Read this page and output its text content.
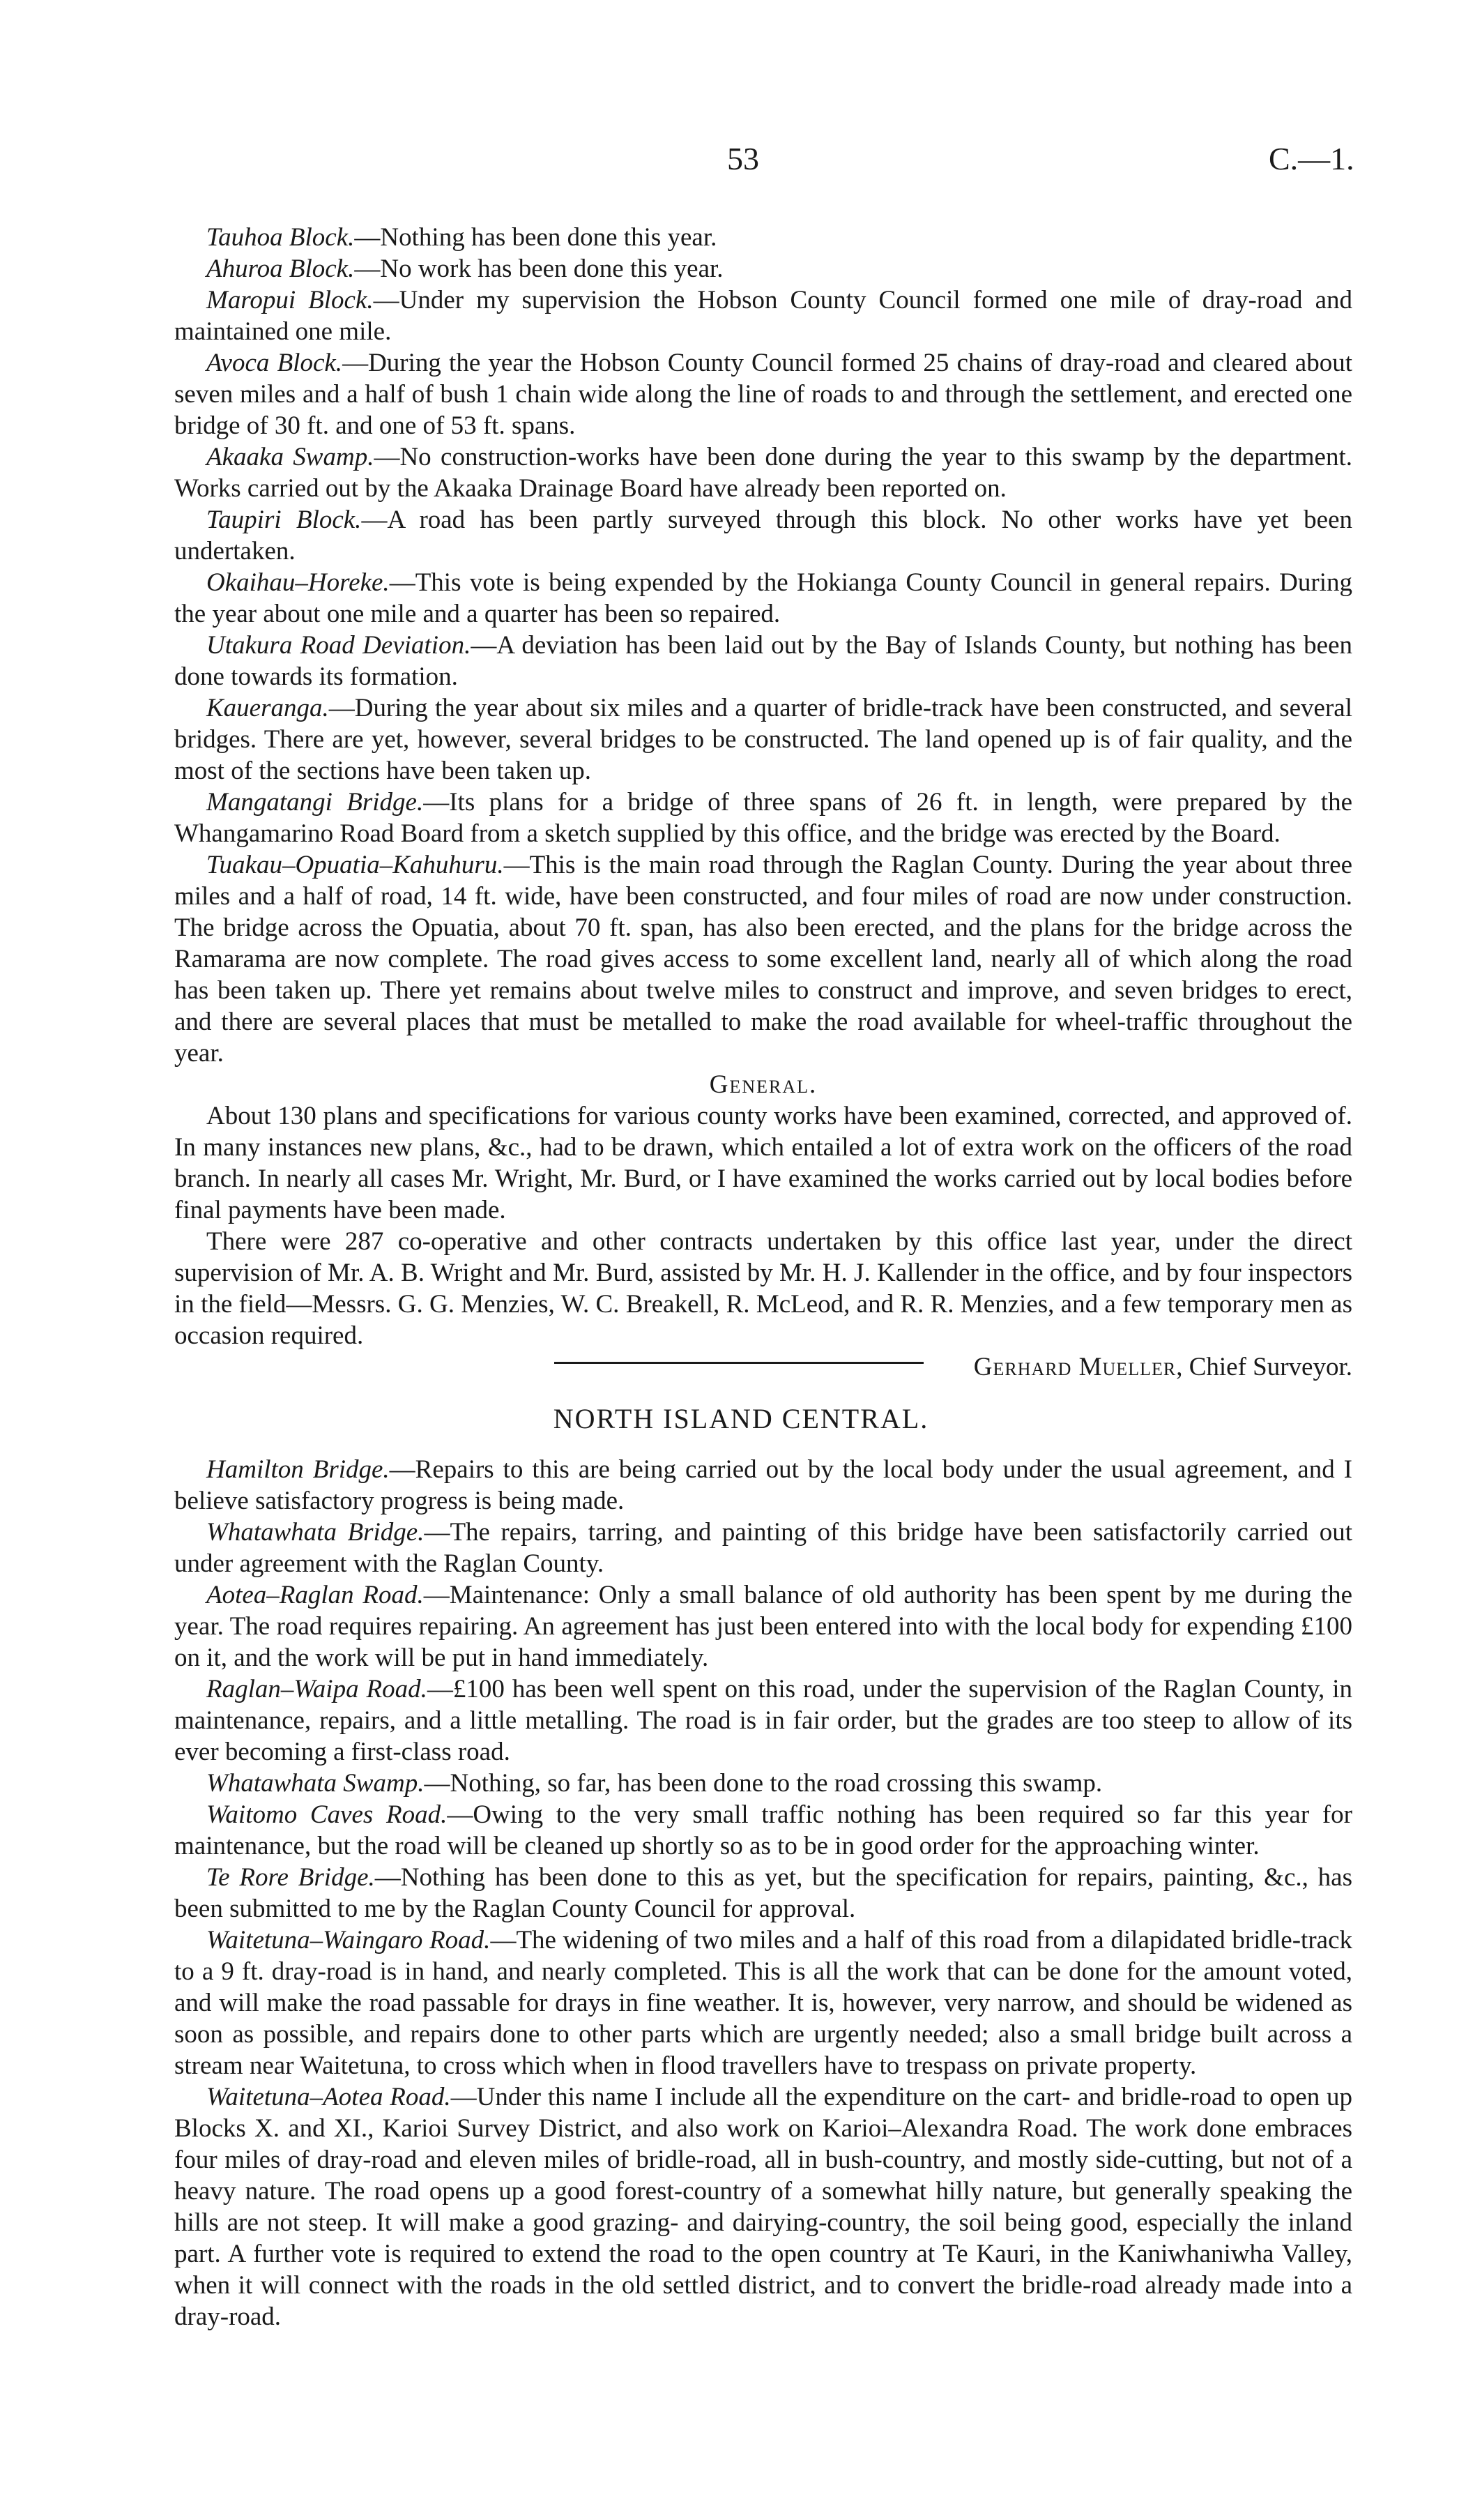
53	C.—1.

Tauhoa Block.—Nothing has been done this year.

Ahuroa Block.—No work has been done this year.

Maropui Block.—Under my supervision the Hobson County Council formed one mile of dray-road and maintained one mile.

Avoca Block.—During the year the Hobson County Council formed 25 chains of dray-road and cleared about seven miles and a half of bush 1 chain wide along the line of roads to and through the settlement, and erected one bridge of 30 ft. and one of 53 ft. spans.

Akaaka Swamp.—No construction-works have been done during the year to this swamp by the department. Works carried out by the Akaaka Drainage Board have already been reported on.

Taupiri Block.—A road has been partly surveyed through this block. No other works have yet been undertaken.

Okaihau–Horeke.—This vote is being expended by the Hokianga County Council in general repairs. During the year about one mile and a quarter has been so repaired.

Utakura Road Deviation.—A deviation has been laid out by the Bay of Islands County, but nothing has been done towards its formation.

Kaueranga.—During the year about six miles and a quarter of bridle-track have been constructed, and several bridges. There are yet, however, several bridges to be constructed. The land opened up is of fair quality, and the most of the sections have been taken up.

Mangatangi Bridge.—Its plans for a bridge of three spans of 26 ft. in length, were prepared by the Whangamarino Road Board from a sketch supplied by this office, and the bridge was erected by the Board.

Tuakau–Opuatia–Kahuhuru.—This is the main road through the Raglan County. During the year about three miles and a half of road, 14 ft. wide, have been constructed, and four miles of road are now under construction. The bridge across the Opuatia, about 70 ft. span, has also been erected, and the plans for the bridge across the Ramarama are now complete. The road gives access to some excellent land, nearly all of which along the road has been taken up. There yet remains about twelve miles to construct and improve, and seven bridges to erect, and there are several places that must be metalled to make the road available for wheel-traffic throughout the year.

General.

About 130 plans and specifications for various county works have been examined, corrected, and approved of. In many instances new plans, &c., had to be drawn, which entailed a lot of extra work on the officers of the road branch. In nearly all cases Mr. Wright, Mr. Burd, or I have examined the works carried out by local bodies before final payments have been made.

There were 287 co-operative and other contracts undertaken by this office last year, under the direct supervision of Mr. A. B. Wright and Mr. Burd, assisted by Mr. H. J. Kallender in the office, and by four inspectors in the field—Messrs. G. G. Menzies, W. C. Breakell, R. McLeod, and R. R. Menzies, and a few temporary men as occasion required.

Gerhard Mueller, Chief Surveyor.

NORTH ISLAND CENTRAL.

Hamilton Bridge.—Repairs to this are being carried out by the local body under the usual agreement, and I believe satisfactory progress is being made.

Whatawhata Bridge.—The repairs, tarring, and painting of this bridge have been satisfactorily carried out under agreement with the Raglan County.

Aotea–Raglan Road.—Maintenance: Only a small balance of old authority has been spent by me during the year. The road requires repairing. An agreement has just been entered into with the local body for expending £100 on it, and the work will be put in hand immediately.

Raglan–Waipa Road.—£100 has been well spent on this road, under the supervision of the Raglan County, in maintenance, repairs, and a little metalling. The road is in fair order, but the grades are too steep to allow of its ever becoming a first-class road.

Whatawhata Swamp.—Nothing, so far, has been done to the road crossing this swamp.

Waitomo Caves Road.—Owing to the very small traffic nothing has been required so far this year for maintenance, but the road will be cleaned up shortly so as to be in good order for the approaching winter.

Te Rore Bridge.—Nothing has been done to this as yet, but the specification for repairs, painting, &c., has been submitted to me by the Raglan County Council for approval.

Waitetuna–Waingaro Road.—The widening of two miles and a half of this road from a dilapidated bridle-track to a 9 ft. dray-road is in hand, and nearly completed. This is all the work that can be done for the amount voted, and will make the road passable for drays in fine weather. It is, however, very narrow, and should be widened as soon as possible, and repairs done to other parts which are urgently needed; also a small bridge built across a stream near Waitetuna, to cross which when in flood travellers have to trespass on private property.

Waitetuna–Aotea Road.—Under this name I include all the expenditure on the cart- and bridle-road to open up Blocks X. and XI., Karioi Survey District, and also work on Karioi–Alexandra Road. The work done embraces four miles of dray-road and eleven miles of bridle-road, all in bush-country, and mostly side-cutting, but not of a heavy nature. The road opens up a good forest-country of a somewhat hilly nature, but generally speaking the hills are not steep. It will make a good grazing- and dairying-country, the soil being good, especially the inland part. A further vote is required to extend the road to the open country at Te Kauri, in the Kaniwhaniwha Valley, when it will connect with the roads in the old settled district, and to convert the bridle-road already made into a dray-road.
